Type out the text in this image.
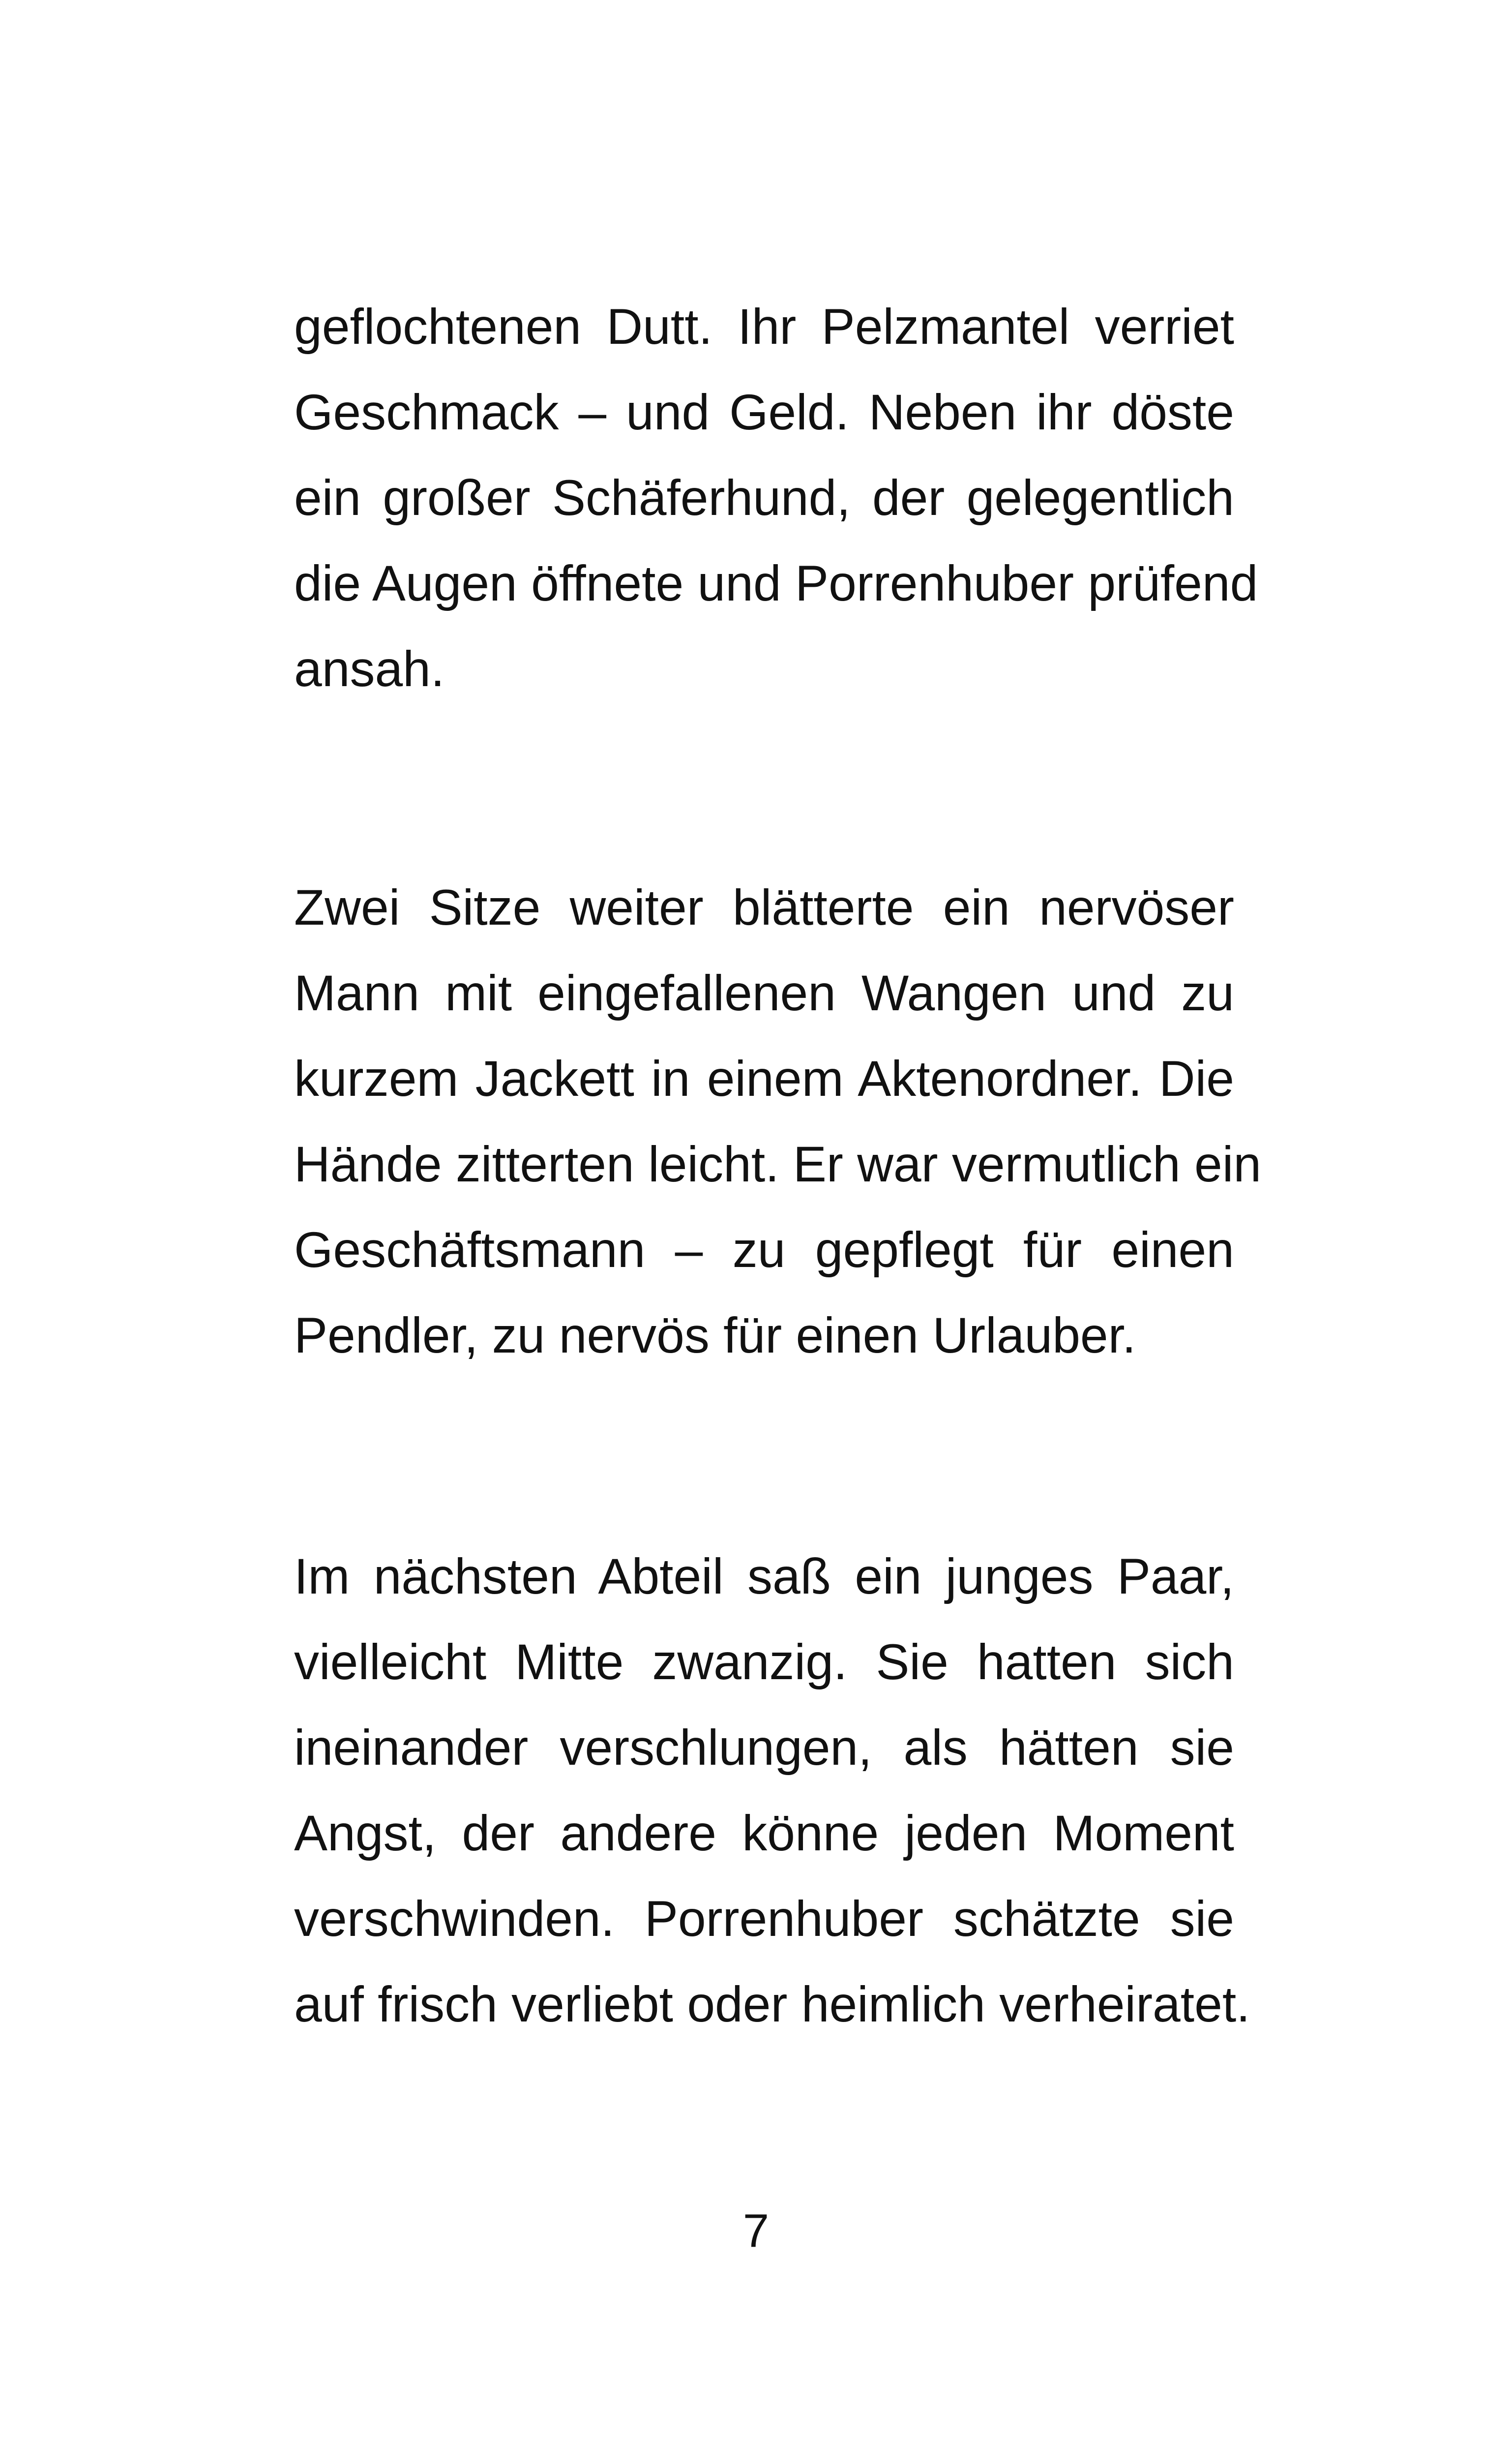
geflochtenen Dutt. Ihr Pelzmantel verriet
Geschmack – und Geld. Neben ihr döste
ein großer Schäferhund, der gelegentlich
die Augen öffnete und Porrenhuber prüfend
ansah.
Zwei Sitze weiter blätterte ein nervöser
Mann mit eingefallenen Wangen und zu
kurzem Jackett in einem Aktenordner. Die
Hände zitterten leicht. Er war vermutlich ein
Geschäftsmann – zu gepflegt für einen
Pendler, zu nervös für einen Urlauber.
Im nächsten Abteil saß ein junges Paar,
vielleicht Mitte zwanzig. Sie hatten sich
ineinander verschlungen, als hätten sie
Angst, der andere könne jeden Moment
verschwinden. Porrenhuber schätzte sie
auf frisch verliebt oder heimlich verheiratet.
7
